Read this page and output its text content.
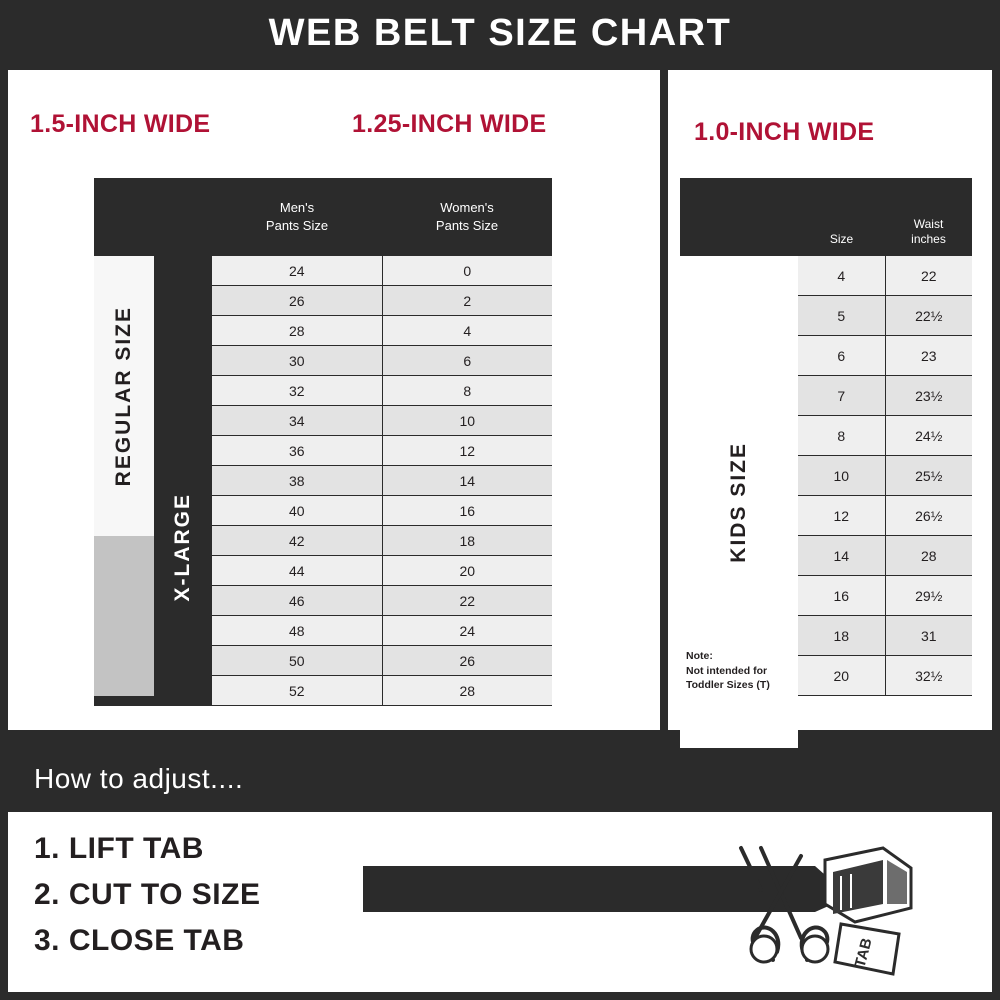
WEB BELT SIZE CHART
1.5-INCH WIDE	1.25-INCH WIDE
Men's
Pants Size
Women's
Pants Size
REGULAR SIZE
X-LARGE
24	0
26	2
28	4
30	6
32	8
34	10
36	12
38	14
40	16
42	18
44	20
46	22
48	24
50	26
52	28
1.0-INCH WIDE
Size
Waist
inches
KIDS SIZE
Note:
Not intended for
Toddler Sizes (T)
4	22
5	22½
6	23
7	23½
8	24½
10	25½
12	26½
14	28
16	29½
18	31
20	32½
How to adjust....
1. LIFT TAB
2. CUT TO SIZE
3. CLOSE TAB	TAB
